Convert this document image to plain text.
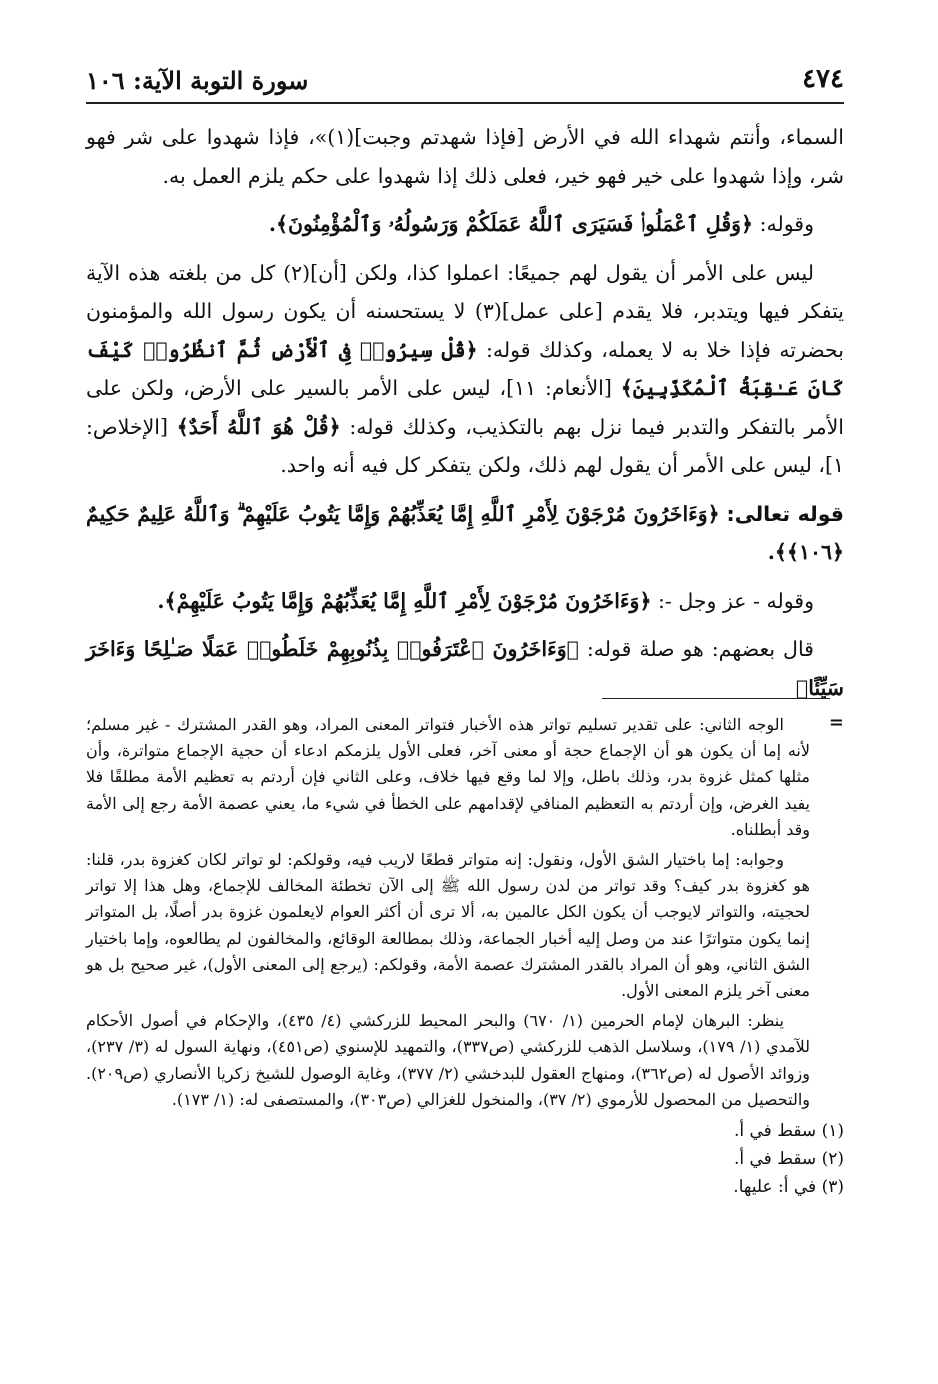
٤٧٤
سورة التوبة الآية: ١٠٦

السماء، وأنتم شهداء الله في الأرض [فإذا شهدتم وجبت](١)»، فإذا شهدوا على شر فهو شر، وإذا شهدوا على خير فهو خير، فعلى ذلك إذا شهدوا على حكم يلزم العمل به.

وقوله: ﴿وَقُلِ ٱعْمَلُوا۟ فَسَيَرَى ٱللَّهُ عَمَلَكُمْ وَرَسُولُهُۥ وَٱلْمُؤْمِنُونَ﴾.

ليس على الأمر أن يقول لهم جميعًا: اعملوا كذا، ولكن [أن](٢) كل من بلغته هذه الآية يتفكر فيها ويتدبر، فلا يقدم [على عمل](٣) لا يستحسنه أن يكون رسول الله والمؤمنون بحضرته فإذا خلا به لا يعمله، وكذلك قوله: ﴿قُلْ سِيرُوا۟ فِى ٱلْأَرْضِ ثُمَّ ٱنظُرُوا۟ كَيْفَ كَانَ عَـٰقِبَةُ ٱلْمُكَذِّبِينَ﴾ [الأنعام: ١١]، ليس على الأمر بالسير على الأرض، ولكن على الأمر بالتفكر والتدبر فيما نزل بهم بالتكذيب، وكذلك قوله: ﴿قُلْ هُوَ ٱللَّهُ أَحَدٌ﴾ [الإخلاص: ١]، ليس على الأمر أن يقول لهم ذلك، ولكن يتفكر كل فيه أنه واحد.

قوله تعالى: ﴿وَءَاخَرُونَ مُرْجَوْنَ لِأَمْرِ ٱللَّهِ إِمَّا يُعَذِّبُهُمْ وَإِمَّا يَتُوبُ عَلَيْهِمْ ۗ وَٱللَّهُ عَلِيمٌ حَكِيمٌ ﴿١٠٦﴾﴾.

وقوله - عز وجل -: ﴿وَءَاخَرُونَ مُرْجَوْنَ لِأَمْرِ ٱللَّهِ إِمَّا يُعَذِّبُهُمْ وَإِمَّا يَتُوبُ عَلَيْهِمْ﴾.

قال بعضهم: هو صلة قوله: ﴿وَءَاخَرُونَ ٱعْتَرَفُوا۟ بِذُنُوبِهِمْ خَلَطُوا۟ عَمَلًا صَـٰلِحًا وَءَاخَرَ سَيِّئًا﴾

=

الوجه الثاني: على تقدير تسليم تواتر هذه الأخبار فتواتر المعنى المراد، وهو القدر المشترك - غير مسلم؛ لأنه إما أن يكون هو أن الإجماع حجة أو معنى آخر، فعلى الأول يلزمكم ادعاء أن حجية الإجماع متواترة، وأن مثلها كمثل غزوة بدر، وذلك باطل، وإلا لما وقع فيها خلاف، وعلى الثاني فإن أردتم به تعظيم الأمة مطلقًا فلا يفيد الغرض، وإن أردتم به التعظيم المنافي لإقدامهم على الخطأ في شيء ما، يعني عصمة الأمة رجع إلى الأمة وقد أبطلناه.

وجوابه: إما باختيار الشق الأول، ونقول: إنه متواتر قطعًا لاريب فيه، وقولكم: لو تواتر لكان كغزوة بدر، قلنا: هو كغزوة بدر كيف؟ وقد تواتر من لدن رسول الله ﷺ إلى الآن تخطئة المخالف للإجماع، وهل هذا إلا تواتر لحجيته، والتواتر لايوجب أن يكون الكل عالمين به، ألا ترى أن أكثر العوام لايعلمون غزوة بدر أصلًا، بل المتواتر إنما يكون متواترًا عند من وصل إليه أخبار الجماعة، وذلك بمطالعة الوقائع، والمخالفون لم يطالعوه، وإما باختيار الشق الثاني، وهو أن المراد بالقدر المشترك عصمة الأمة، وقولكم: (يرجع إلى المعنى الأول)، غير صحيح بل هو معنى آخر يلزم المعنى الأول.

ينظر: البرهان لإمام الحرمين (١/ ٦٧٠) والبحر المحيط للزركشي (٤/ ٤٣٥)، والإحكام في أصول الأحكام للآمدي (١/ ١٧٩)، وسلاسل الذهب للزركشي (ص٣٣٧)، والتمهيد للإسنوي (ص٤٥١)، ونهاية السول له (٣/ ٢٣٧)، وزوائد الأصول له (ص٣٦٢)، ومنهاج العقول للبدخشي (٢/ ٣٧٧)، وغاية الوصول للشيخ زكريا الأنصاري (ص٢٠٩). والتحصيل من المحصول للأرموي (٢/ ٣٧)، والمنخول للغزالي (ص٣٠٣)، والمستصفى له: (١/ ١٧٣).

(١) سقط في أ.
(٢) سقط في أ.
(٣) في أ: عليها.
